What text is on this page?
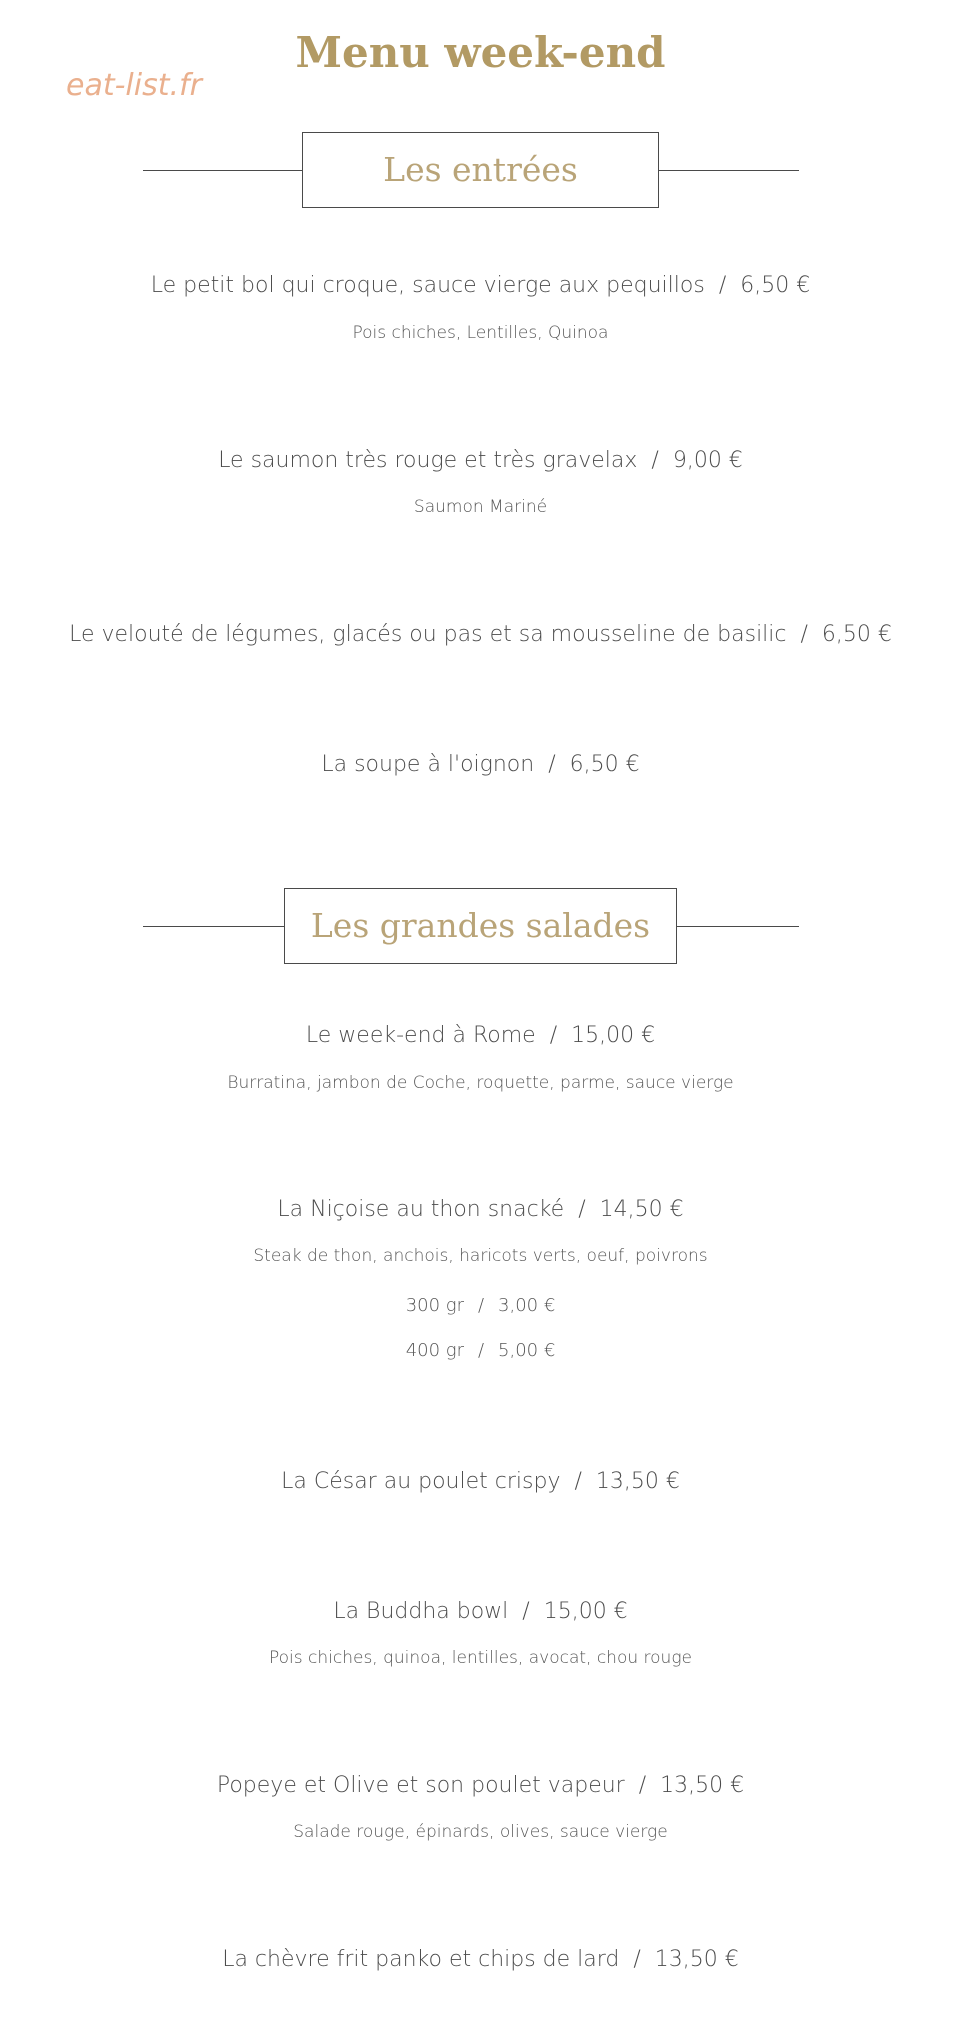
Menu week-end
eat-list.fr
Les entrées
Le petit bol qui croque, sauce vierge aux pequillos / 6,50 €
Pois chiches, Lentilles, Quinoa
Le saumon très rouge et très gravelax / 9,00 €
Saumon Mariné
Le velouté de légumes, glacés ou pas et sa mousseline de basilic / 6,50 €
La soupe à l'oignon / 6,50 €
Les grandes salades
Le week-end à Rome / 15,00 €
Burratina, jambon de Coche, roquette, parme, sauce vierge
La Niçoise au thon snacké / 14,50 €
Steak de thon, anchois, haricots verts, oeuf, poivrons
300 gr / 3,00 €
400 gr / 5,00 €
La César au poulet crispy / 13,50 €
La Buddha bowl / 15,00 €
Pois chiches, quinoa, lentilles, avocat, chou rouge
Popeye et Olive et son poulet vapeur / 13,50 €
Salade rouge, épinards, olives, sauce vierge
La chèvre frit panko et chips de lard / 13,50 €
